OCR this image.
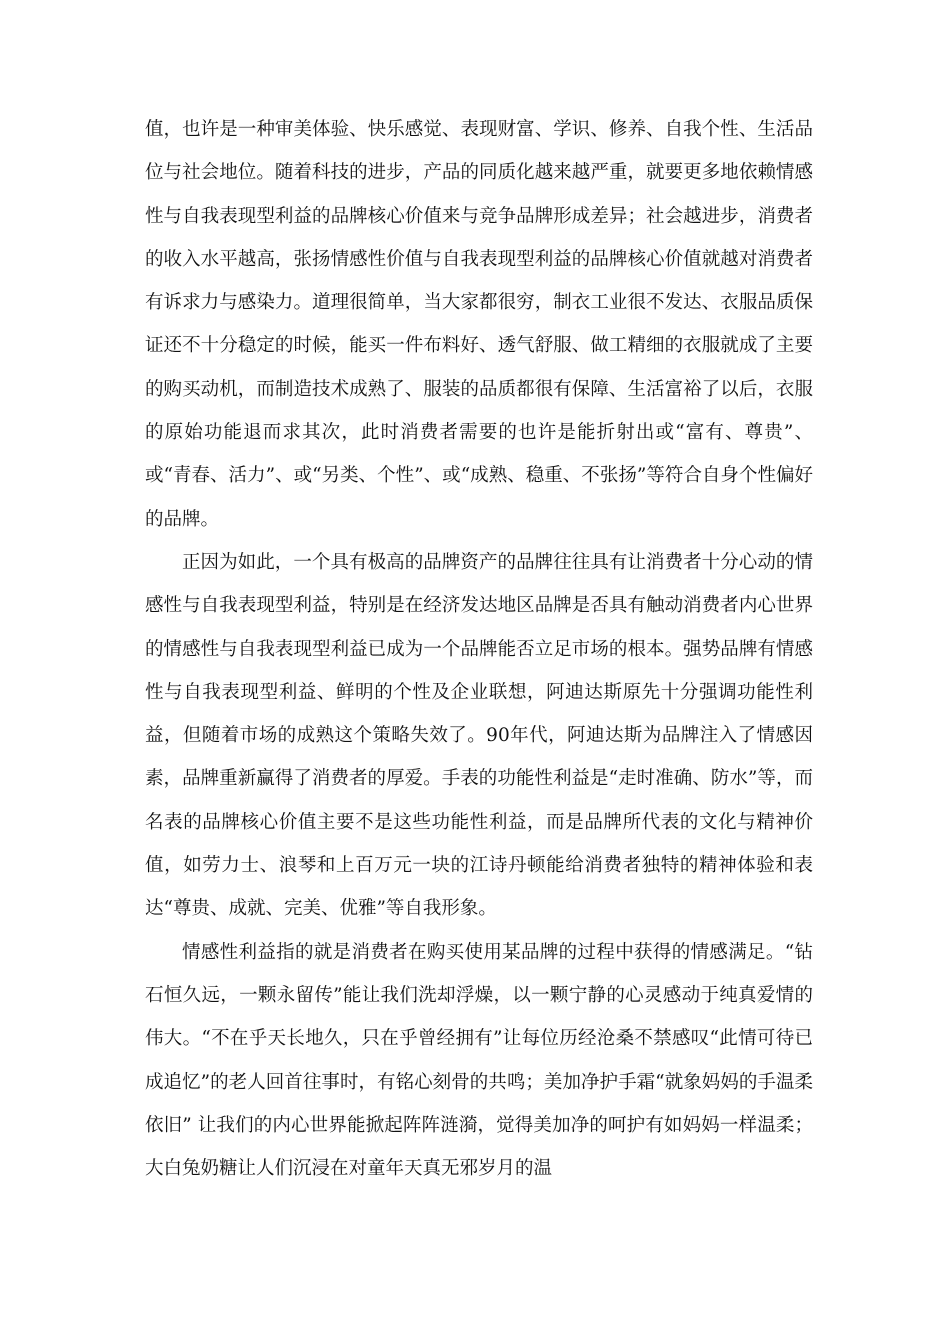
值，也许是一种审美体验、快乐感觉、表现财富、学识、修养、自我个性、生活品位与社会地位。随着科技的进步，产品的同质化越来越严重，就要更多地依赖情感性与自我表现型利益的品牌核心价值来与竞争品牌形成差异；社会越进步，消费者的收入水平越高，张扬情感性价值与自我表现型利益的品牌核心价值就越对消费者有诉求力与感染力。道理很简单，当大家都很穷，制衣工业很不发达、衣服品质保证还不十分稳定的时候，能买一件布料好、透气舒服、做工精细的衣服就成了主要的购买动机，而制造技术成熟了、服装的品质都很有保障、生活富裕了以后，衣服的原始功能退而求其次，此时消费者需要的也许是能折射出或“富有、尊贵”、或“青春、活力”、或“另类、个性”、或“成熟、稳重、不张扬”等符合自身个性偏好的品牌。

正因为如此，一个具有极高的品牌资产的品牌往往具有让消费者十分心动的情感性与自我表现型利益，特别是在经济发达地区品牌是否具有触动消费者内心世界的情感性与自我表现型利益已成为一个品牌能否立足市场的根本。强势品牌有情感性与自我表现型利益、鲜明的个性及企业联想，阿迪达斯原先十分强调功能性利益，但随着市场的成熟这个策略失效了。90年代，阿迪达斯为品牌注入了情感因素，品牌重新赢得了消费者的厚爱。手表的功能性利益是“走时准确、防水”等，而名表的品牌核心价值主要不是这些功能性利益，而是品牌所代表的文化与精神价值，如劳力士、浪琴和上百万元一块的江诗丹顿能给消费者独特的精神体验和表达“尊贵、成就、完美、优雅”等自我形象。

情感性利益指的就是消费者在购买使用某品牌的过程中获得的情感满足。“钻石恒久远，一颗永留传”能让我们洗却浮燥，以一颗宁静的心灵感动于纯真爱情的伟大。“不在乎天长地久，只在乎曾经拥有”让每位历经沧桑不禁感叹“此情可待已成追忆”的老人回首往事时，有铭心刻骨的共鸣；美加净护手霜“就象妈妈的手温柔依旧” 让我们的内心世界能掀起阵阵涟漪，觉得美加净的呵护有如妈妈一样温柔；大白兔奶糖让人们沉浸在对童年天真无邪岁月的温
